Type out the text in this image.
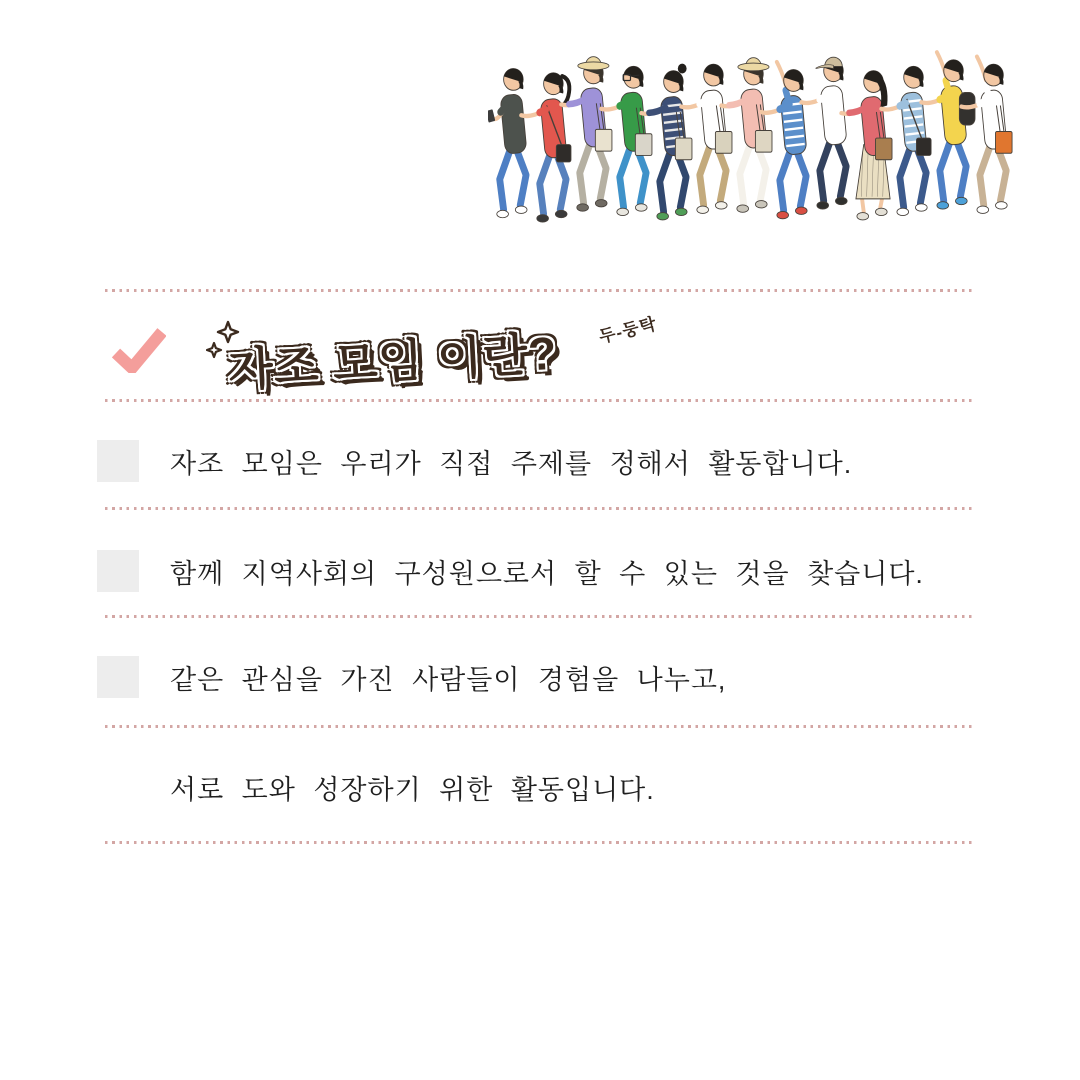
자조 모임 이란? 두-둥탁
자조 모임은 우리가 직접 주제를 정해서 활동합니다.
함께 지역사회의 구성원으로서 할 수 있는 것을 찾습니다.
같은 관심을 가진 사람들이 경험을 나누고,
서로 도와 성장하기 위한 활동입니다.
